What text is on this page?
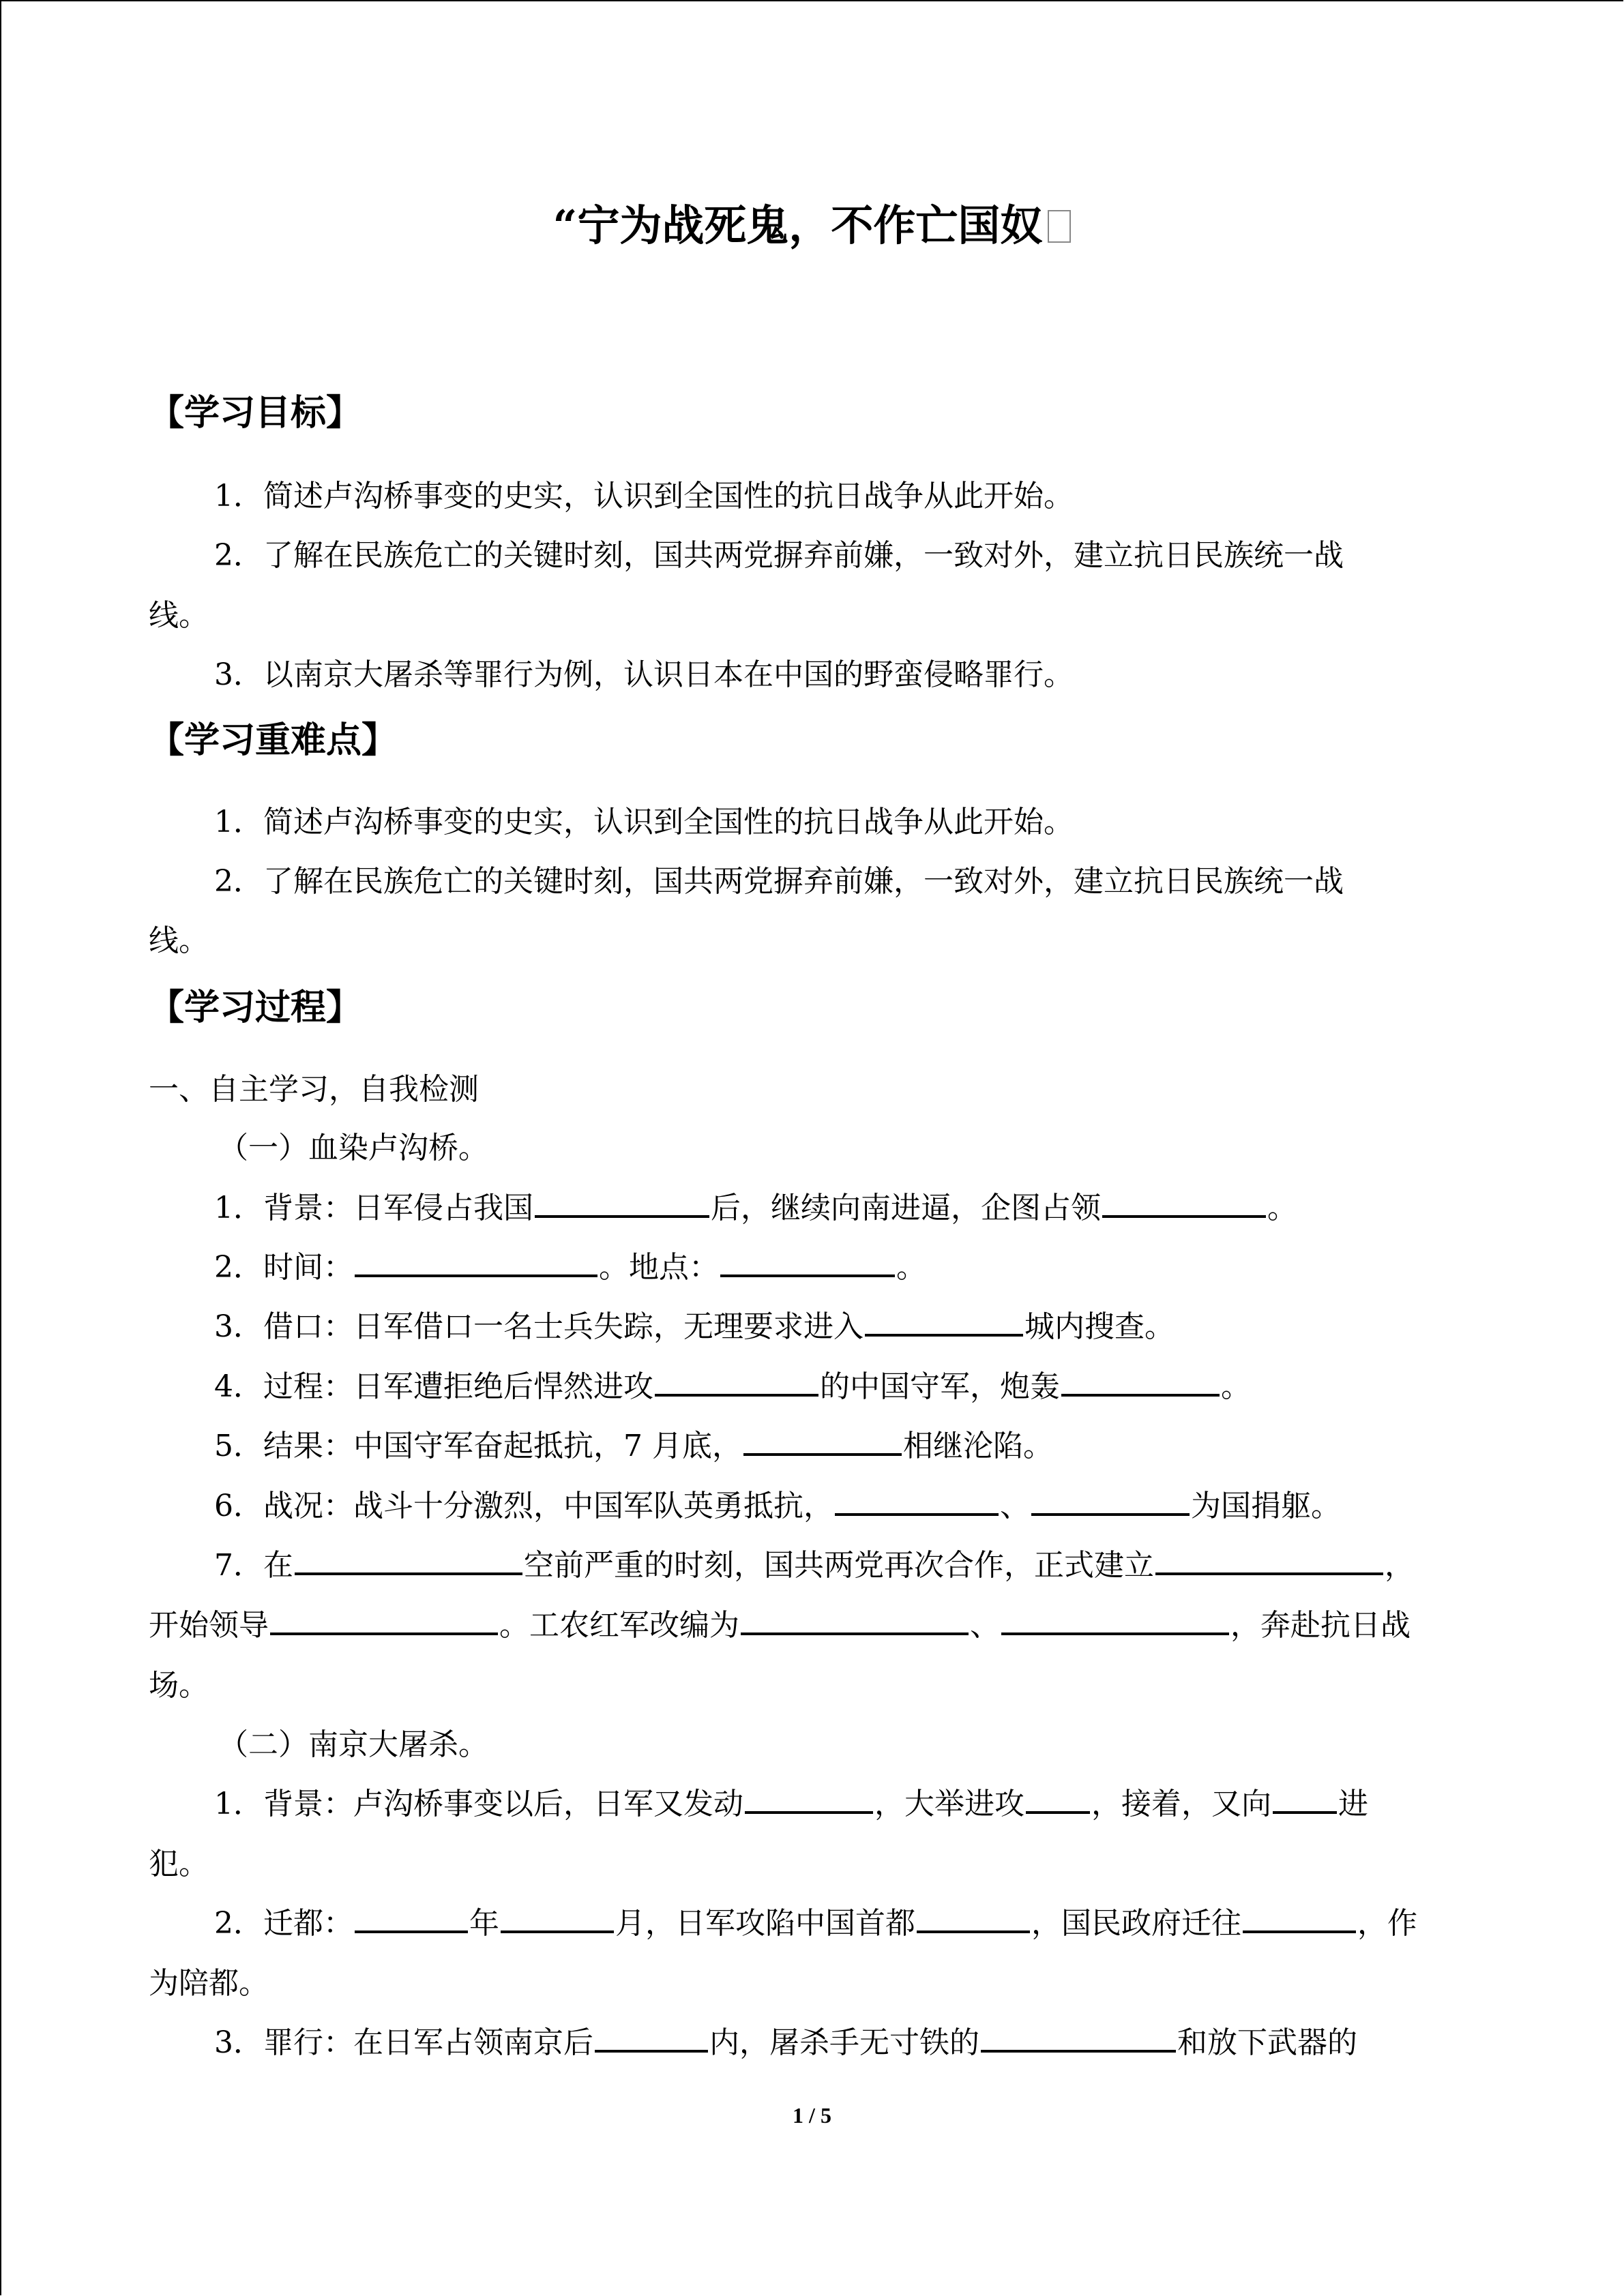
“宁为战死鬼，不作亡国奴
【学习目标】
1．简述卢沟桥事变的史实，认识到全国性的抗日战争从此开始。
2．了解在民族危亡的关键时刻，国共两党摒弃前嫌，一致对外，建立抗日民族统一战
线。
3．以南京大屠杀等罪行为例，认识日本在中国的野蛮侵略罪行。
【学习重难点】
1．简述卢沟桥事变的史实，认识到全国性的抗日战争从此开始。
2．了解在民族危亡的关键时刻，国共两党摒弃前嫌，一致对外，建立抗日民族统一战
线。
【学习过程】
一、自主学习，自我检测
（一）血染卢沟桥。
1．背景：日军侵占我国	后，继续向南进逼，企图占领	。
2．时间：	。地点：	。
3．借口：日军借口一名士兵失踪，无理要求进入	城内搜查。
4．过程：日军遭拒绝后悍然进攻	的中国守军，炮轰	。
5．结果：中国守军奋起抵抗，7 月底，	相继沦陷。
6．战况：战斗十分激烈，中国军队英勇抵抗，	、	为国捐躯。
7．在	空前严重的时刻，国共两党再次合作，正式建立	，
开始领导	。工农红军改编为	、	，奔赴抗日战
场。
（二）南京大屠杀。
1．背景：卢沟桥事变以后，日军又发动	，大举进攻 ，接着，又向 进
犯。
2．迁都：	年	月，日军攻陷中国首都	，国民政府迁往	，作
为陪都。
3．罪行：在日军占领南京后	内，屠杀手无寸铁的	和放下武器的
1 / 5
